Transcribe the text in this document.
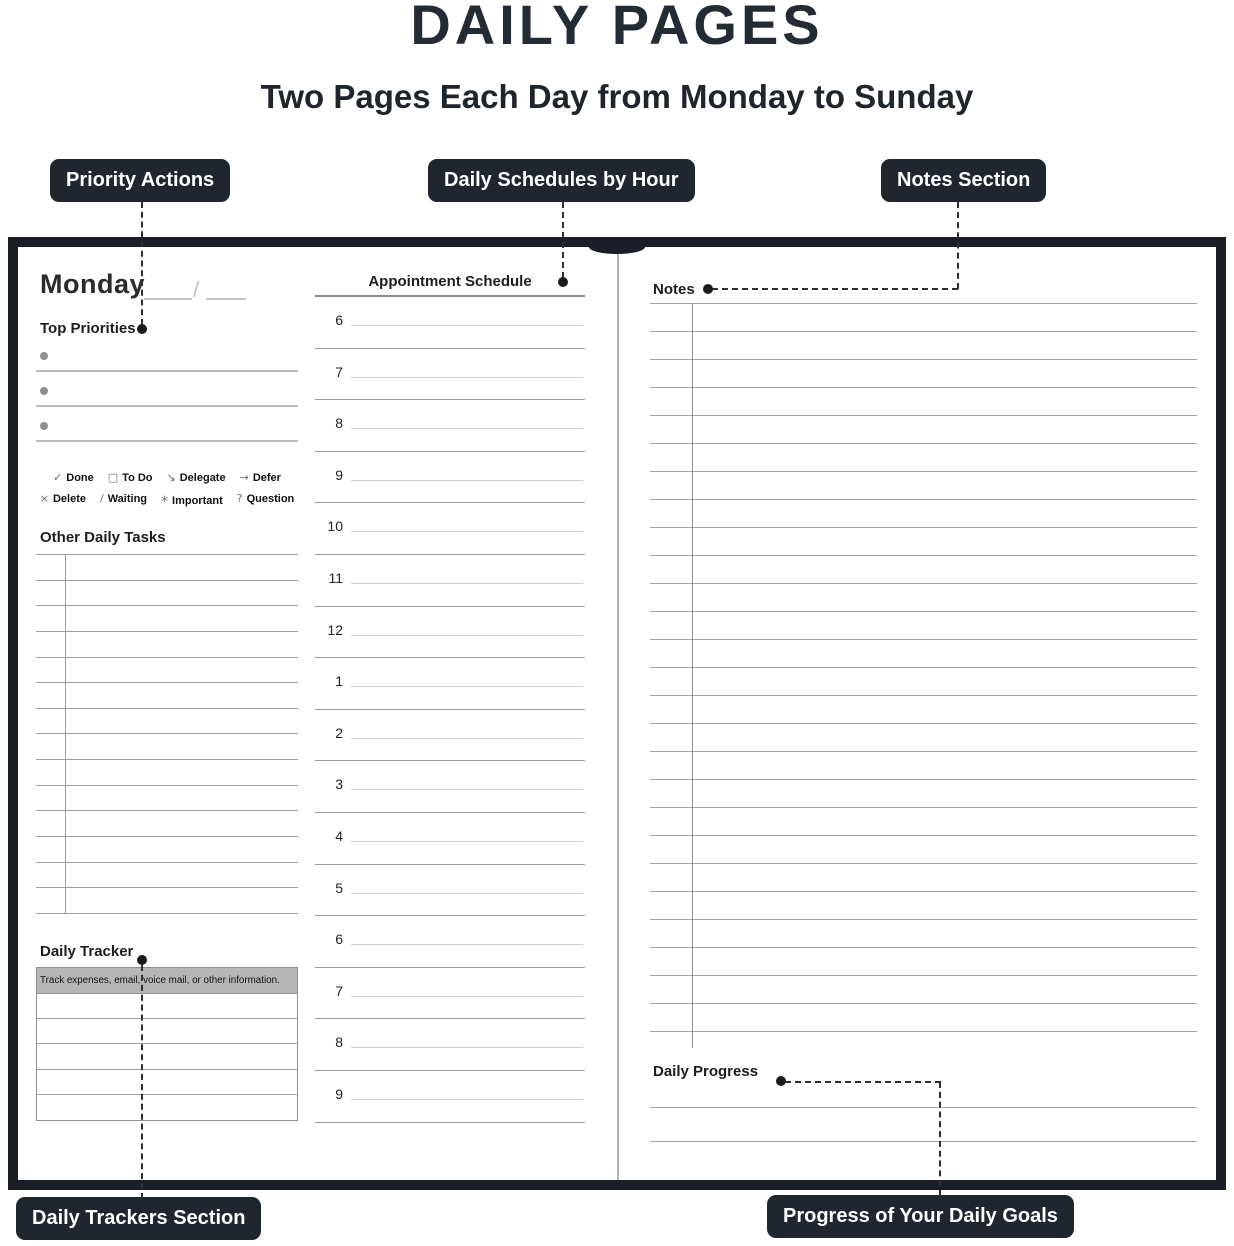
DAILY PAGES
Two Pages Each Day from Monday to Sunday
Priority Actions	Daily Schedules by Hour	Notes Section
Daily Trackers Section	Progress of Your Daily Goals
Monday /
Top Priorities
✓ Done □ To Do ↘ Delegate → Defer
× Delete / Waiting * Important ? Question
Other Daily Tasks
Daily Tracker
Track expenses, email, voice mail, or other information.
Appointment Schedule
6
7
8
9
10
11
12
1
2
3
4
5
6
7
8
9
Notes
Daily Progress
